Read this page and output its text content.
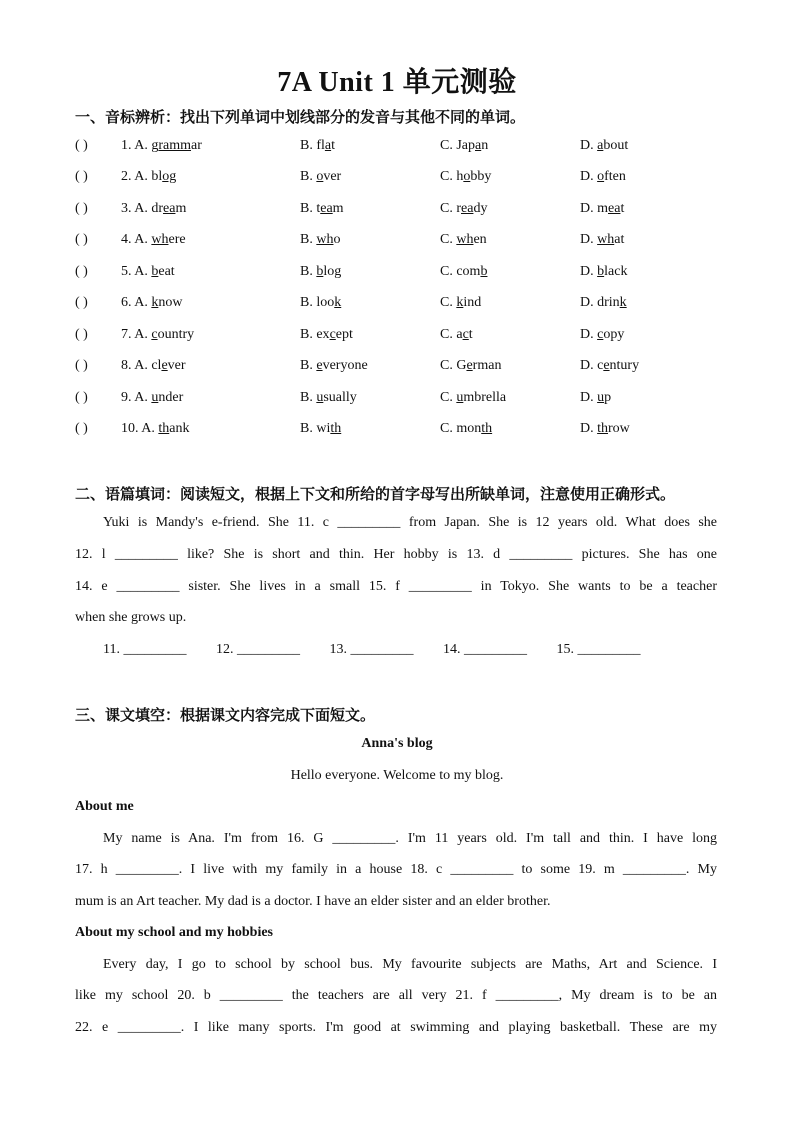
7A Unit 1 单元测验
一、音标辨析：找出下列单词中划线部分的发音与其他不同的单词。
( ) 1. A. grammar	B. flat	C. Japan	D. about
( ) 2. A. blog	B. over	C. hobby	D. often
( ) 3. A. dream	B. team	C. ready	D. meat
( ) 4. A. where	B. who	C. when	D. what
( ) 5. A. beat	B. blog	C. comb	D. black
( ) 6. A. know	B. look	C. kind	D. drink
( ) 7. A. country	B. except	C. act	D. copy
( ) 8. A. clever	B. everyone	C. German	D. century
( ) 9. A. under	B. usually	C. umbrella	D. up
( ) 10. A. thank	B. with	C. month	D. throw
二、语篇填词：阅读短文，根据上下文和所给的首字母写出所缺单词，注意使用正确形式。
Yuki is Mandy's e-friend. She 11. c _________ from Japan. She is 12 years old. What does she
12. l _________ like? She is short and thin. Her hobby is 13. d _________ pictures. She has one
14. e _________ sister. She lives in a small 15. f _________ in Tokyo. She wants to be a teacher
when she grows up.
11. _________ 12. _________ 13. _________ 14. _________ 15. _________
三、课文填空：根据课文内容完成下面短文。
Anna's blog
Hello everyone. Welcome to my blog.
About me
My name is Ana. I'm from 16. G _________. I'm 11 years old. I'm tall and thin. I have long
17. h _________. I live with my family in a house 18. c _________ to some 19. m _________. My
mum is an Art teacher. My dad is a doctor. I have an elder sister and an elder brother.
About my school and my hobbies
Every day, I go to school by school bus. My favourite subjects are Maths, Art and Science. I
like my school 20. b _________ the teachers are all very 21. f _________, My dream is to be an
22. e _________. I like many sports. I'm good at swimming and playing basketball. These are my
